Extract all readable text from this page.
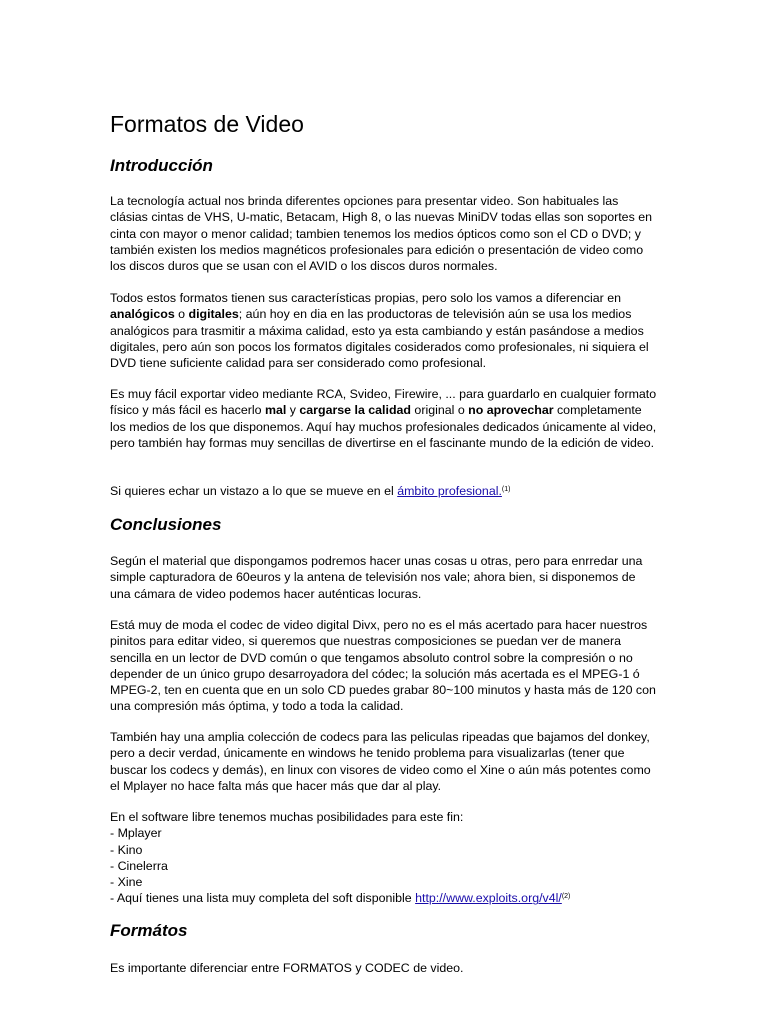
Formatos de Video
Introducción

La tecnología actual nos brinda diferentes opciones para presentar video. Son habituales las clásias cintas de VHS, U-matic, Betacam, High 8, o las nuevas MiniDV todas ellas son soportes en cinta con mayor o menor calidad; tambien tenemos los medios ópticos como son el CD o DVD; y también existen los medios magnéticos profesionales para edición o presentación de video como los discos duros que se usan con el AVID o los discos duros normales.

Todos estos formatos tienen sus características propias, pero solo los vamos a diferenciar en analógicos o digitales; aún hoy en dia en las productoras de televisión aún se usa los medios analógicos para trasmitir a máxima calidad, esto ya esta cambiando y están pasándose a medios digitales, pero aún son pocos los formatos digitales cosiderados como profesionales, ni siquiera el DVD tiene suficiente calidad para ser considerado como profesional.

Es muy fácil exportar video mediante RCA, Svideo, Firewire, ... para guardarlo en cualquier formato físico y más fácil es hacerlo mal y cargarse la calidad original o no aprovechar completamente los medios de los que disponemos. Aquí hay muchos profesionales dedicados únicamente al video, pero también hay formas muy sencillas de divertirse en el fascinante mundo de la edición de video.

Si quieres echar un vistazo a lo que se mueve en el ámbito profesional.$^{(1)}$

Conclusiones

Según el material que dispongamos podremos hacer unas cosas u otras, pero para enrredar una simple capturadora de 60euros y la antena de televisión nos vale; ahora bien, si disponemos de una cámara de video podemos hacer auténticas locuras.

Está muy de moda el codec de video digital Divx, pero no es el más acertado para hacer nuestros pinitos para editar video, si queremos que nuestras composiciones se puedan ver de manera sencilla en un lector de DVD común o que tengamos absoluto control sobre la compresión o no depender de un único grupo desarroyadora del códec; la solución más acertada es el MPEG-1 ó MPEG-2, ten en cuenta que en un solo CD puedes grabar 80~100 minutos y hasta más de 120 con una compresión más óptima, y todo a toda la calidad.

También hay una amplia colección de codecs para las peliculas ripeadas que bajamos del donkey, pero a decir verdad, únicamente en windows he tenido problema para visualizarlas (tener que buscar los codecs y demás), en linux con visores de video como el Xine o aún más potentes como el Mplayer no hace falta más que hacer más que dar al play.

En el software libre tenemos muchas posibilidades para este fin:
- Mplayer
- Kino
- Cinelerra
- Xine
- Aquí tienes una lista muy completa del soft disponible http://www.exploits.org/v4l/$^{(2)}$

Formátos

Es importante diferenciar entre FORMATOS y CODEC de video.
